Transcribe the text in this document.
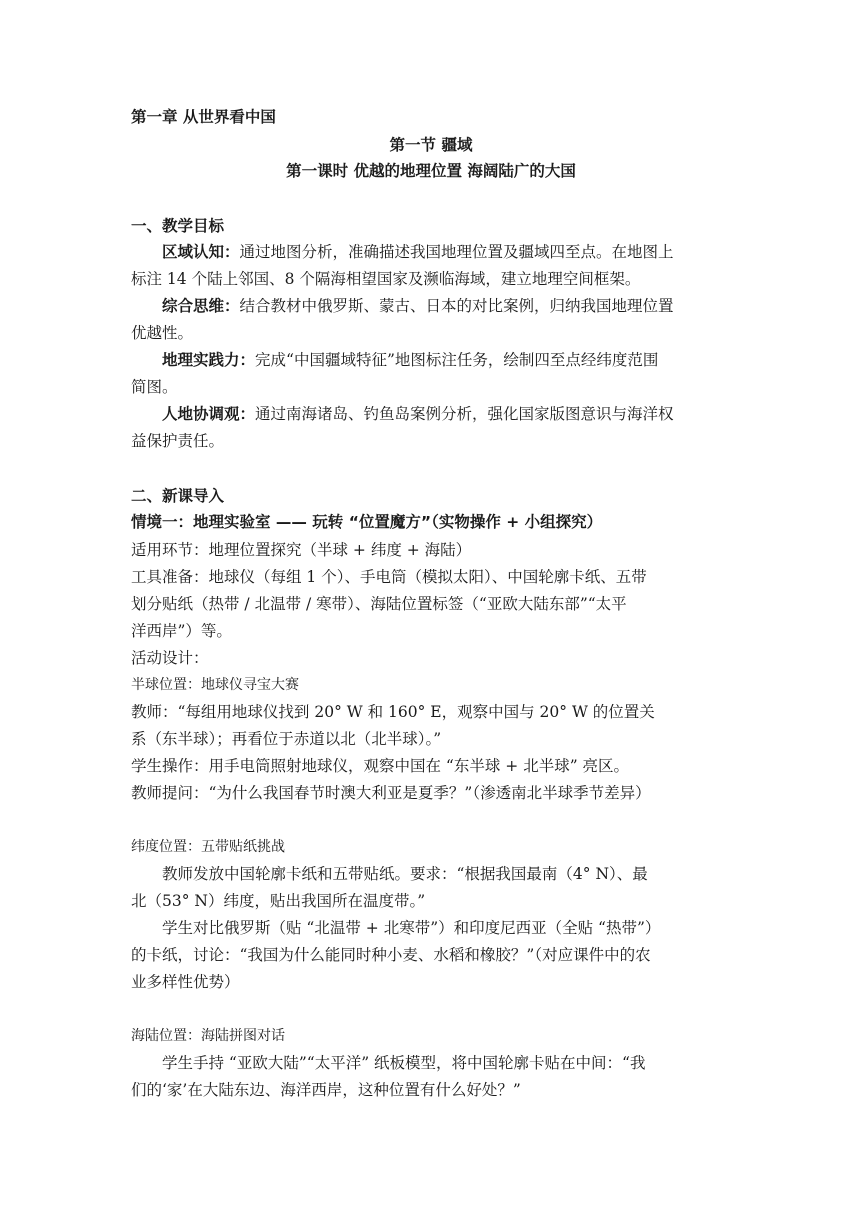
第一章 从世界看中国
第一节 疆域
第一课时 优越的地理位置 海阔陆广的大国
一、教学目标
区域认知：通过地图分析，准确描述我国地理位置及疆域四至点。在地图上
标注 14 个陆上邻国、8 个隔海相望国家及濒临海域，建立地理空间框架。
综合思维：结合教材中俄罗斯、蒙古、日本的对比案例，归纳我国地理位置
优越性。
地理实践力：完成“中国疆域特征”地图标注任务，绘制四至点经纬度范围
简图。
人地协调观：通过南海诸岛、钓鱼岛案例分析，强化国家版图意识与海洋权
益保护责任。
二、新课导入
情境一：地理实验室 —— 玩转 “位置魔方”（实物操作 + 小组探究）
适用环节：地理位置探究（半球 + 纬度 + 海陆）
工具准备：地球仪（每组 1 个）、手电筒（模拟太阳）、中国轮廓卡纸、五带
划分贴纸（热带 / 北温带 / 寒带）、海陆位置标签（“亚欧大陆东部”“太平
洋西岸”）等。
活动设计：
半球位置：地球仪寻宝大赛
教师：“每组用地球仪找到 20° W 和 160° E，观察中国与 20° W 的位置关
系（东半球）；再看位于赤道以北（北半球）。”
学生操作：用手电筒照射地球仪，观察中国在 “东半球 + 北半球” 亮区。
教师提问：“为什么我国春节时澳大利亚是夏季？”（渗透南北半球季节差异）
纬度位置：五带贴纸挑战
教师发放中国轮廓卡纸和五带贴纸。要求：“根据我国最南（4° N）、最
北（53° N）纬度，贴出我国所在温度带。”
学生对比俄罗斯（贴 “北温带 + 北寒带”）和印度尼西亚（全贴 “热带”）
的卡纸，讨论：“我国为什么能同时种小麦、水稻和橡胶？”（对应课件中的农
业多样性优势）
海陆位置：海陆拼图对话
学生手持 “亚欧大陆”“太平洋” 纸板模型，将中国轮廓卡贴在中间：“我
们的‘家’在大陆东边、海洋西岸，这种位置有什么好处？”
